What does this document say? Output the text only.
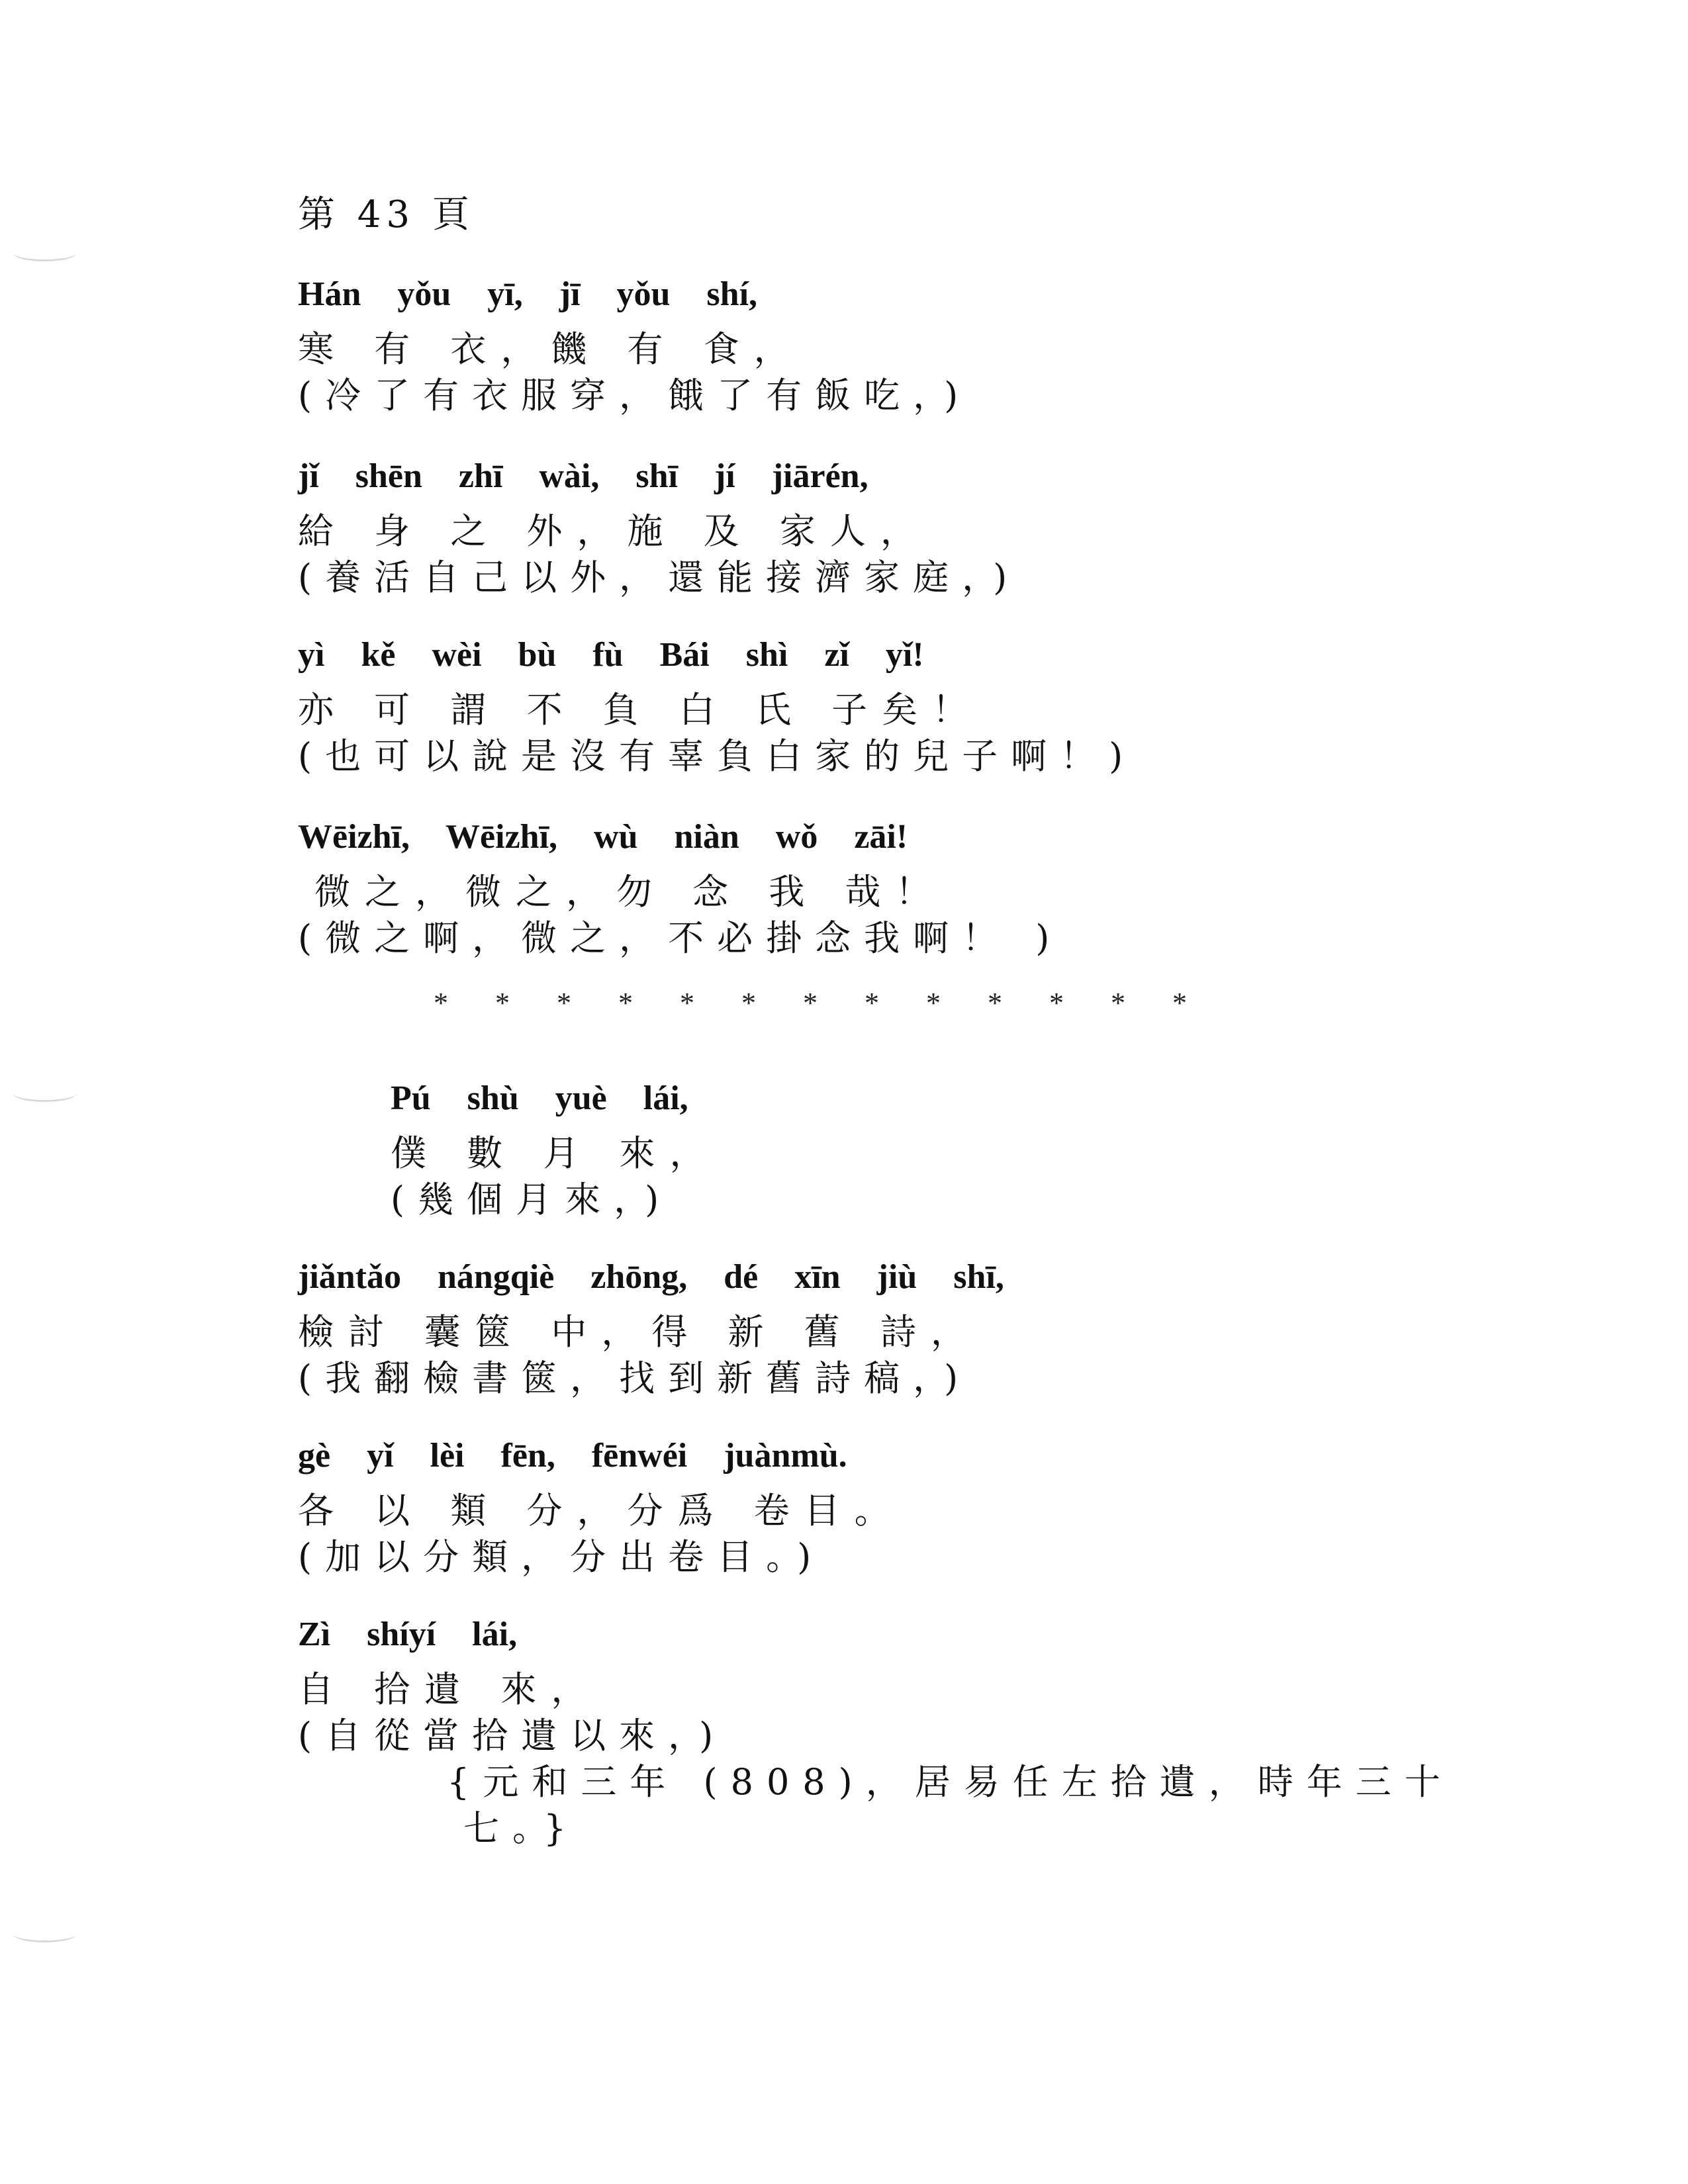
第 43 頁
Hán yǒu yī, jī yǒu shí,
寒 有 衣，饑 有 食，
(冷了有衣服穿，餓了有飯吃，)
jǐ shēn zhī wài, shī jí jiārén,
給 身 之 外，施 及 家人，
(養活自己以外，還能接濟家庭，)
yì kě wèi bù fù Bái shì zǐ yǐ!
亦 可 謂 不 負 白 氏 子矣！
(也可以說是沒有辜負白家的兒子啊！)
Wēizhī, Wēizhī, wù niàn wǒ zāi!
微之，微之，勿 念 我 哉！
(微之啊，微之，不必掛念我啊！ )
* * * * * * * * * * * * *
Pú shù yuè lái,
僕 數 月 來，
(幾個月來，)
jiǎntǎo nángqiè zhōng, dé xīn jiù shī,
檢討 囊篋 中，得 新 舊 詩，
(我翻檢書篋，找到新舊詩稿，)
gè yǐ lèi fēn, fēnwéi juànmù.
各 以 類 分，分爲 卷目。
(加以分類，分出卷目。)
Zì shíyí lái,
自 拾遺 來，
(自從當拾遺以來，)
{元和三年 (808)，居易任左拾遺，時年三十
七。}
